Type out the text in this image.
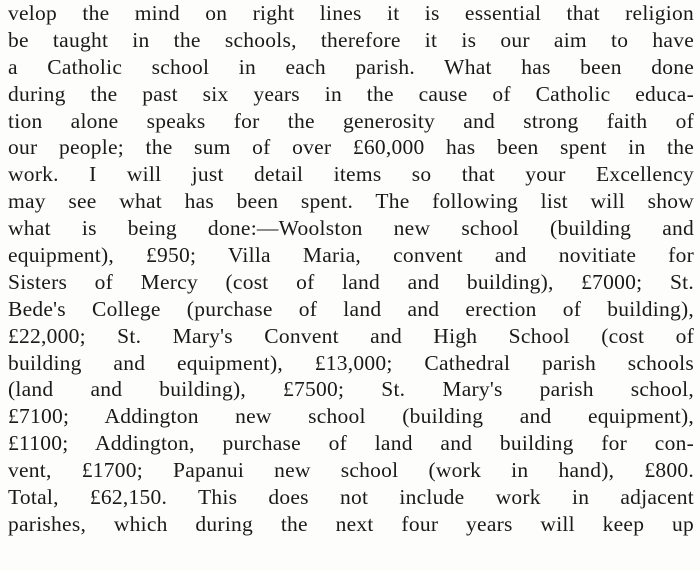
velop the mind on right lines it is essential that religion
be taught in the schools, therefore it is our aim to have
a Catholic school in each parish. What has been done
during the past six years in the cause of Catholic educa-
tion alone speaks for the generosity and strong faith of
our people; the sum of over £60,000 has been spent in the
work. I will just detail items so that your Excellency
may see what has been spent. The following list will show
what is being done:—Woolston new school (building and
equipment), £950; Villa Maria, convent and novitiate for
Sisters of Mercy (cost of land and building), £7000; St.
Bede's College (purchase of land and erection of building),
£22,000; St. Mary's Convent and High School (cost of
building and equipment), £13,000; Cathedral parish schools
(land and building), £7500; St. Mary's parish school,
£7100; Addington new school (building and equipment),
£1100; Addington, purchase of land and building for con-
vent, £1700; Papanui new school (work in hand), £800.
Total, £62,150. This does not include work in adjacent
parishes, which during the next four years will keep up
